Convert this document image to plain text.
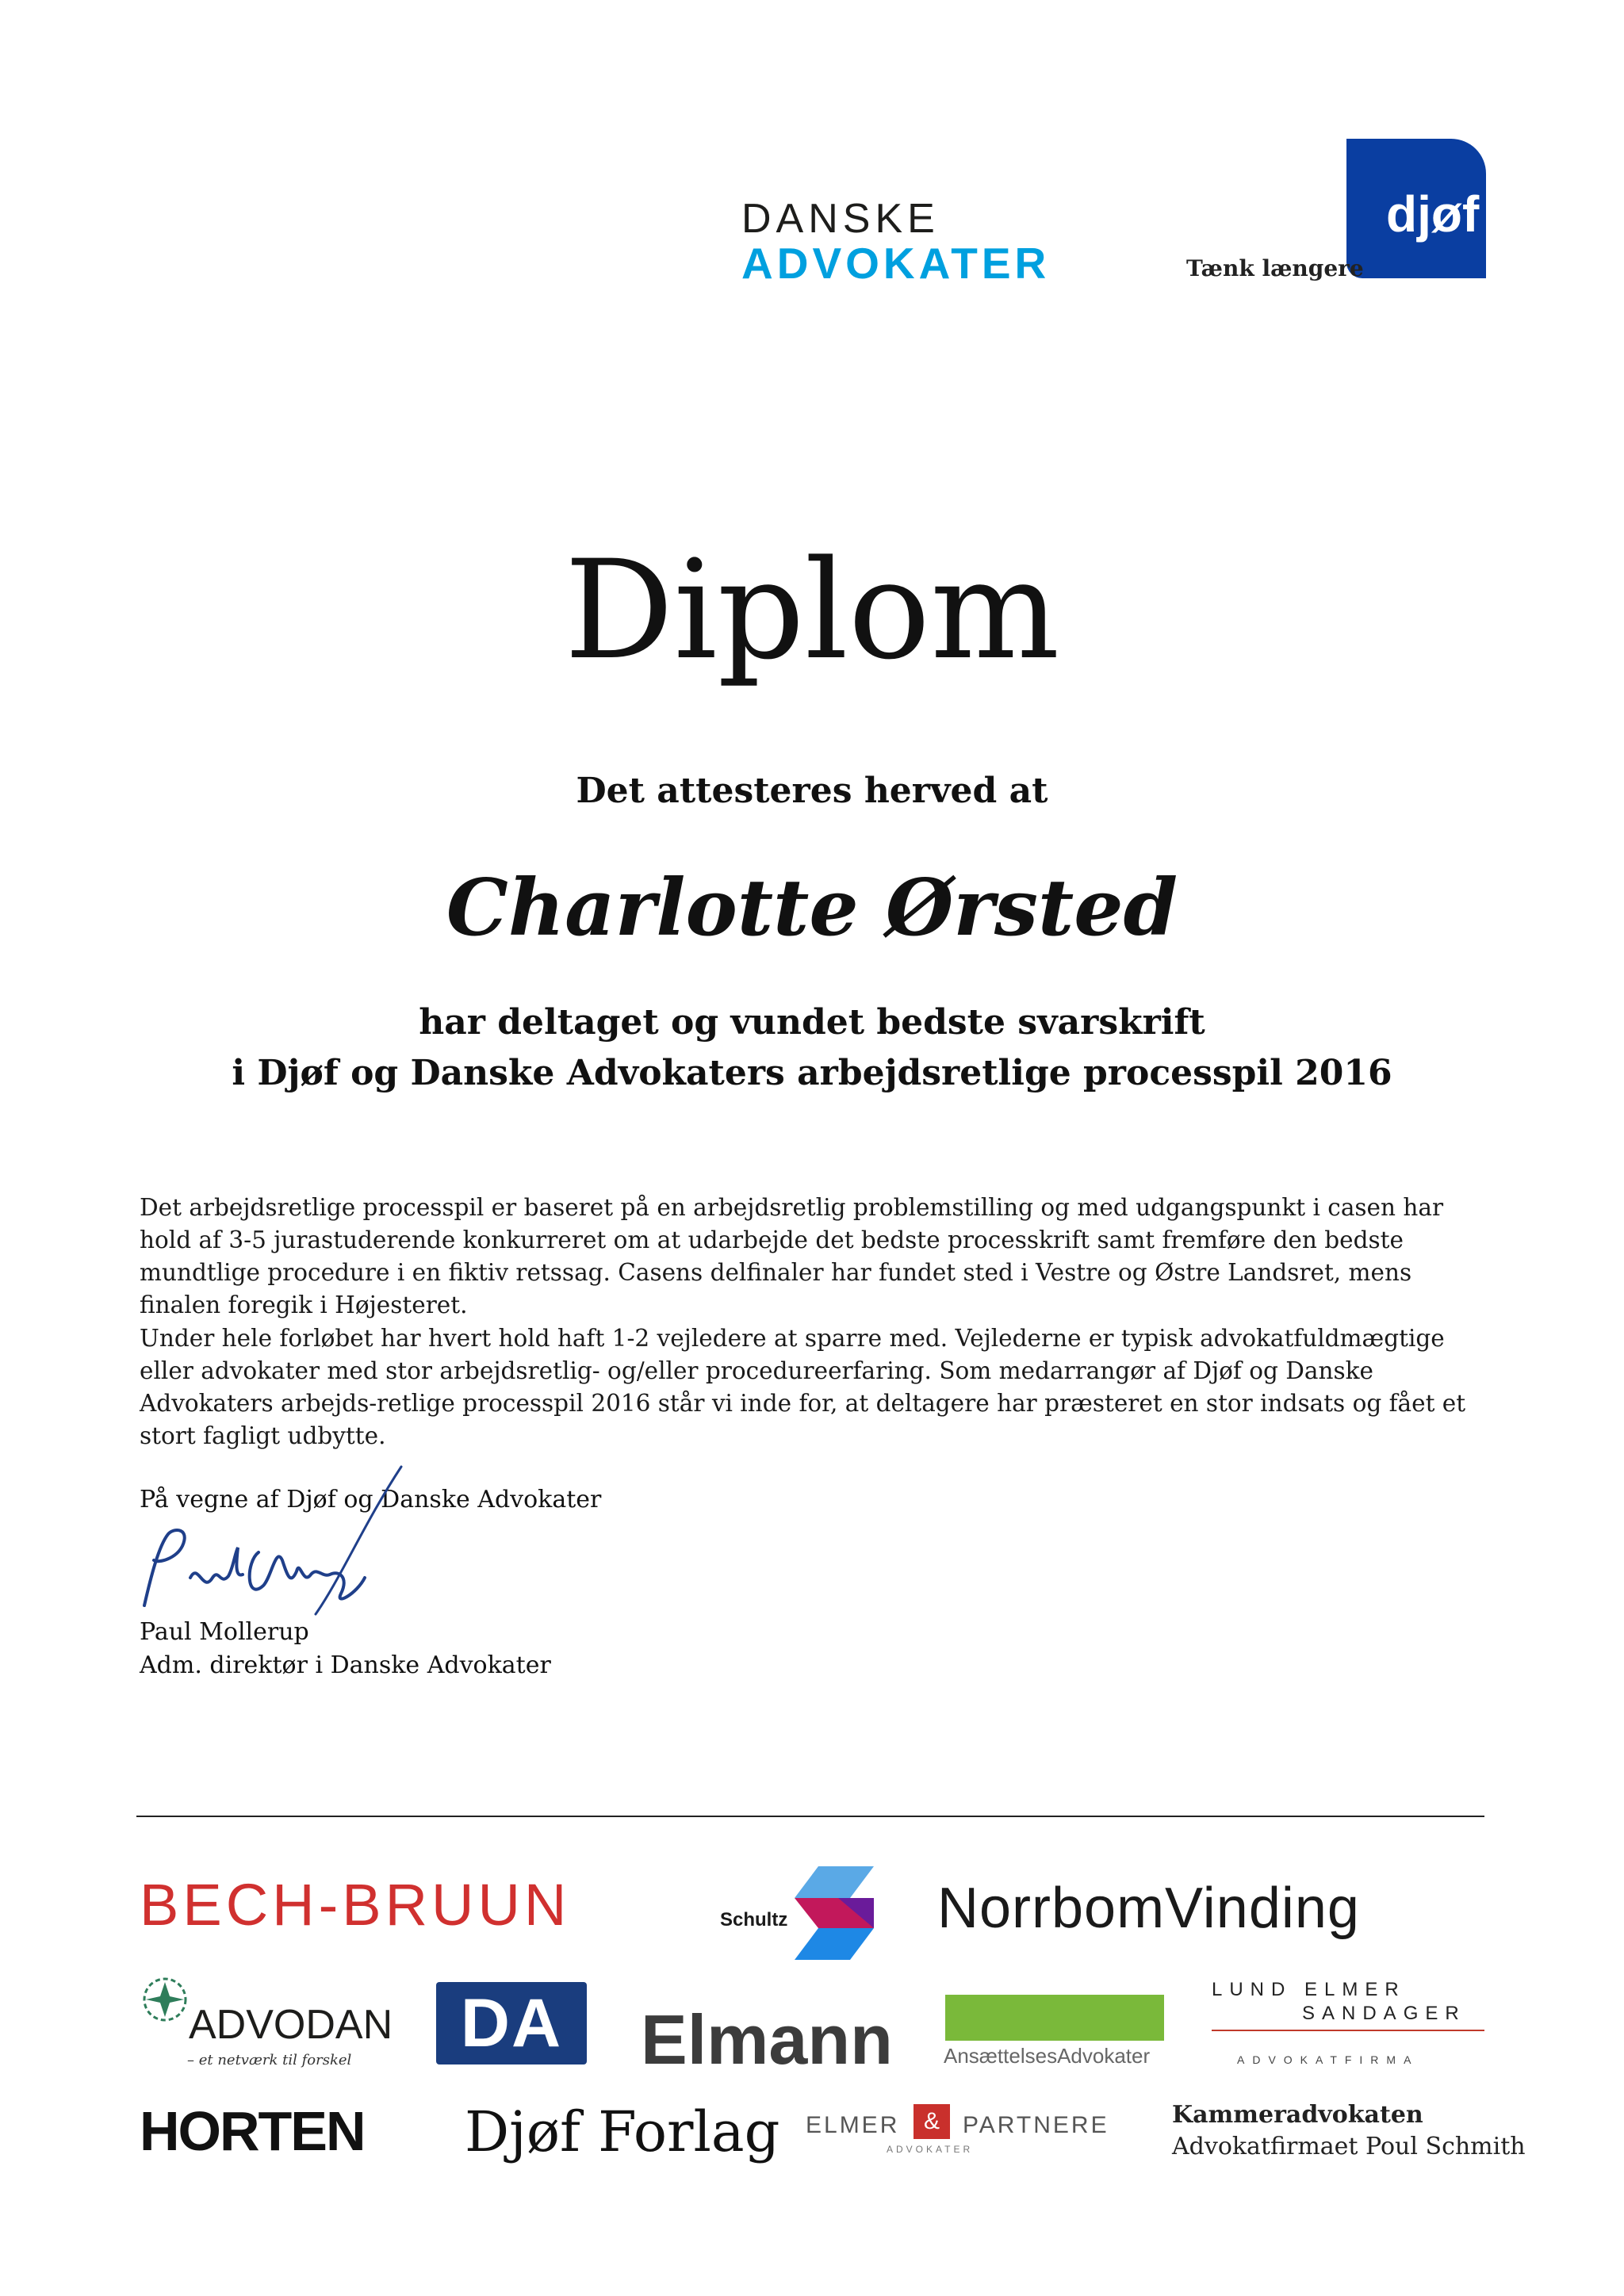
DANSKE
ADVOKATER
djøf
Tænk længere
Diplom
Det attesteres herved at
Charlotte Ørsted
har deltaget og vundet bedste svarskrift
i Djøf og Danske Advokaters arbejdsretlige processpil 2016
Det arbejdsretlige processpil er baseret på en arbejdsretlig problemstilling og med udgangspunkt i casen har hold af 3-5 jurastuderende konkurreret om at udarbejde det bedste processkrift samt fremføre den bedste mundtlige procedure i en fiktiv retssag. Casens delfinaler har fundet sted i Vestre og Østre Landsret, mens finalen foregik i Højesteret.
Under hele forløbet har hvert hold haft 1-2 vejledere at sparre med. Vejlederne er typisk advokatfuldmægtige eller advokater med stor arbejdsretlig- og/eller procedureerfaring. Som medarrangør af Djøf og Danske Advokaters arbejds-retlige processpil 2016 står vi inde for, at deltagere har præsteret en stor indsats og fået et stort fagligt udbytte.
På vegne af Djøf og Danske Advokater
Paul Mollerup
Adm. direktør i Danske Advokater
BECH-BRUUN	Schultz	NorrbomVinding
ADVODAN
– et netværk til forskel	DA	Elmann AnsættelsesAdvokater
LUND ELMER
SANDAGER
ADVOKATFIRMA
HORTEN Djøf Forlag ELMER	& PARTNERE
ADVOKATER
Kammeradvokaten
Advokatfirmaet Poul Schmith
